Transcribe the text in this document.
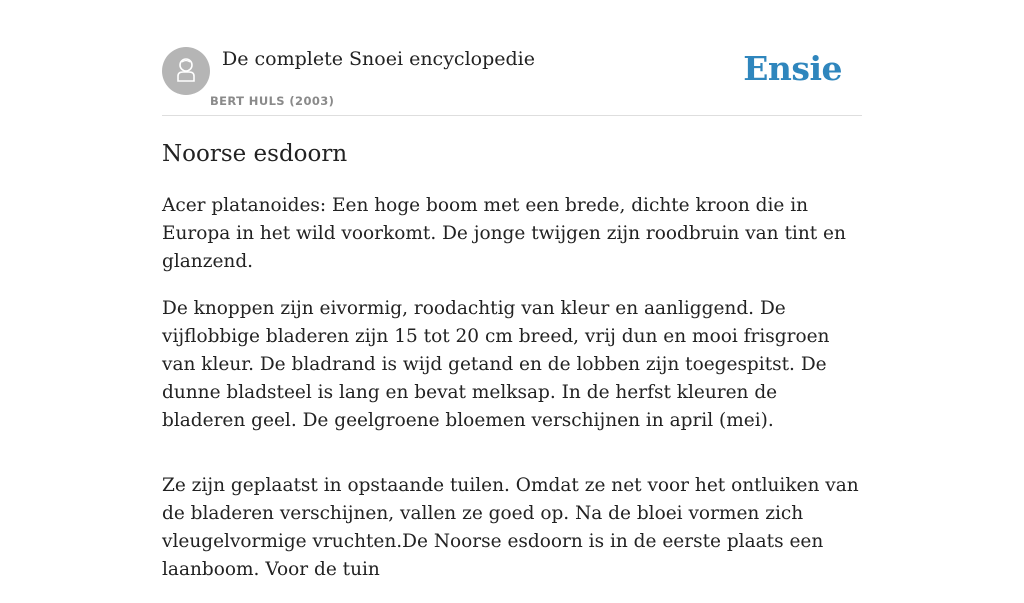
De complete Snoei encyclopedie
BERT HULS (2003)
Ensie
Noorse esdoorn

Acer platanoides: Een hoge boom met een brede, dichte kroon die in Europa in het wild voorkomt. De jonge twijgen zijn roodbruin van tint en glanzend.

De knoppen zijn eivormig, roodachtig van kleur en aanliggend. De vijflobbige bladeren zijn 15 tot 20 cm breed, vrij dun en mooi frisgroen van kleur. De bladrand is wijd getand en de lobben zijn toegespitst. De dunne bladsteel is lang en bevat melksap. In de herfst kleuren de bladeren geel. De geelgroene bloemen verschijnen in april (mei).

Ze zijn geplaatst in opstaande tuilen. Omdat ze net voor het ontluiken van de bladeren verschijnen, vallen ze goed op. Na de bloei vormen zich vleugelvormige vruchten.De Noorse esdoorn is in de eerste plaats een laanboom. Voor de tuin
